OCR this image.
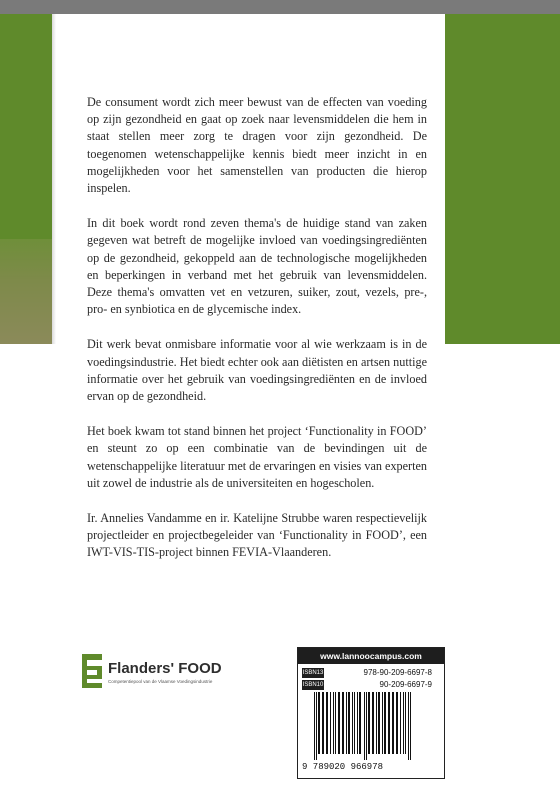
De consument wordt zich meer bewust van de effecten van voeding op zijn gezondheid en gaat op zoek naar levensmiddelen die hem in staat stellen meer zorg te dragen voor zijn gezondheid. De toegenomen wetenschappelijke kennis biedt meer inzicht in en mogelijkheden voor het samenstellen van producten die hierop inspelen.

In dit boek wordt rond zeven thema's de huidige stand van zaken gegeven wat betreft de mogelijke invloed van voedingsingrediënten op de gezondheid, gekoppeld aan de technologische mogelijkheden en beperkingen in verband met het gebruik van levensmiddelen. Deze thema's omvatten vet en vetzuren, suiker, zout, vezels, pre-, pro- en synbiotica en de glycemische index.

Dit werk bevat onmisbare informatie voor al wie werkzaam is in de voedingsindustrie. Het biedt echter ook aan diëtisten en artsen nuttige informatie over het gebruik van voedingsingrediënten en de invloed ervan op de gezondheid.

Het boek kwam tot stand binnen het project ‘Functionality in FOOD’ en steunt zo op een combinatie van de bevindingen uit de wetenschappelijke literatuur met de ervaringen en visies van experten uit zowel de industrie als de universiteiten en hogescholen.

Ir. Annelies Vandamme en ir. Katelijne Strubbe waren respectievelijk projectleider en projectbegeleider van ‘Functionality in FOOD’, een IWT-VIS-TIS-project binnen FEVIA-Vlaanderen.

Flanders' FOOD
Competentiepool van de Vlaamse Voedingsindustrie
www.lannoocampus.com
ISBN13	978-90-209-6697-8
ISBN10	90-209-6697-9
9 789020 966978
